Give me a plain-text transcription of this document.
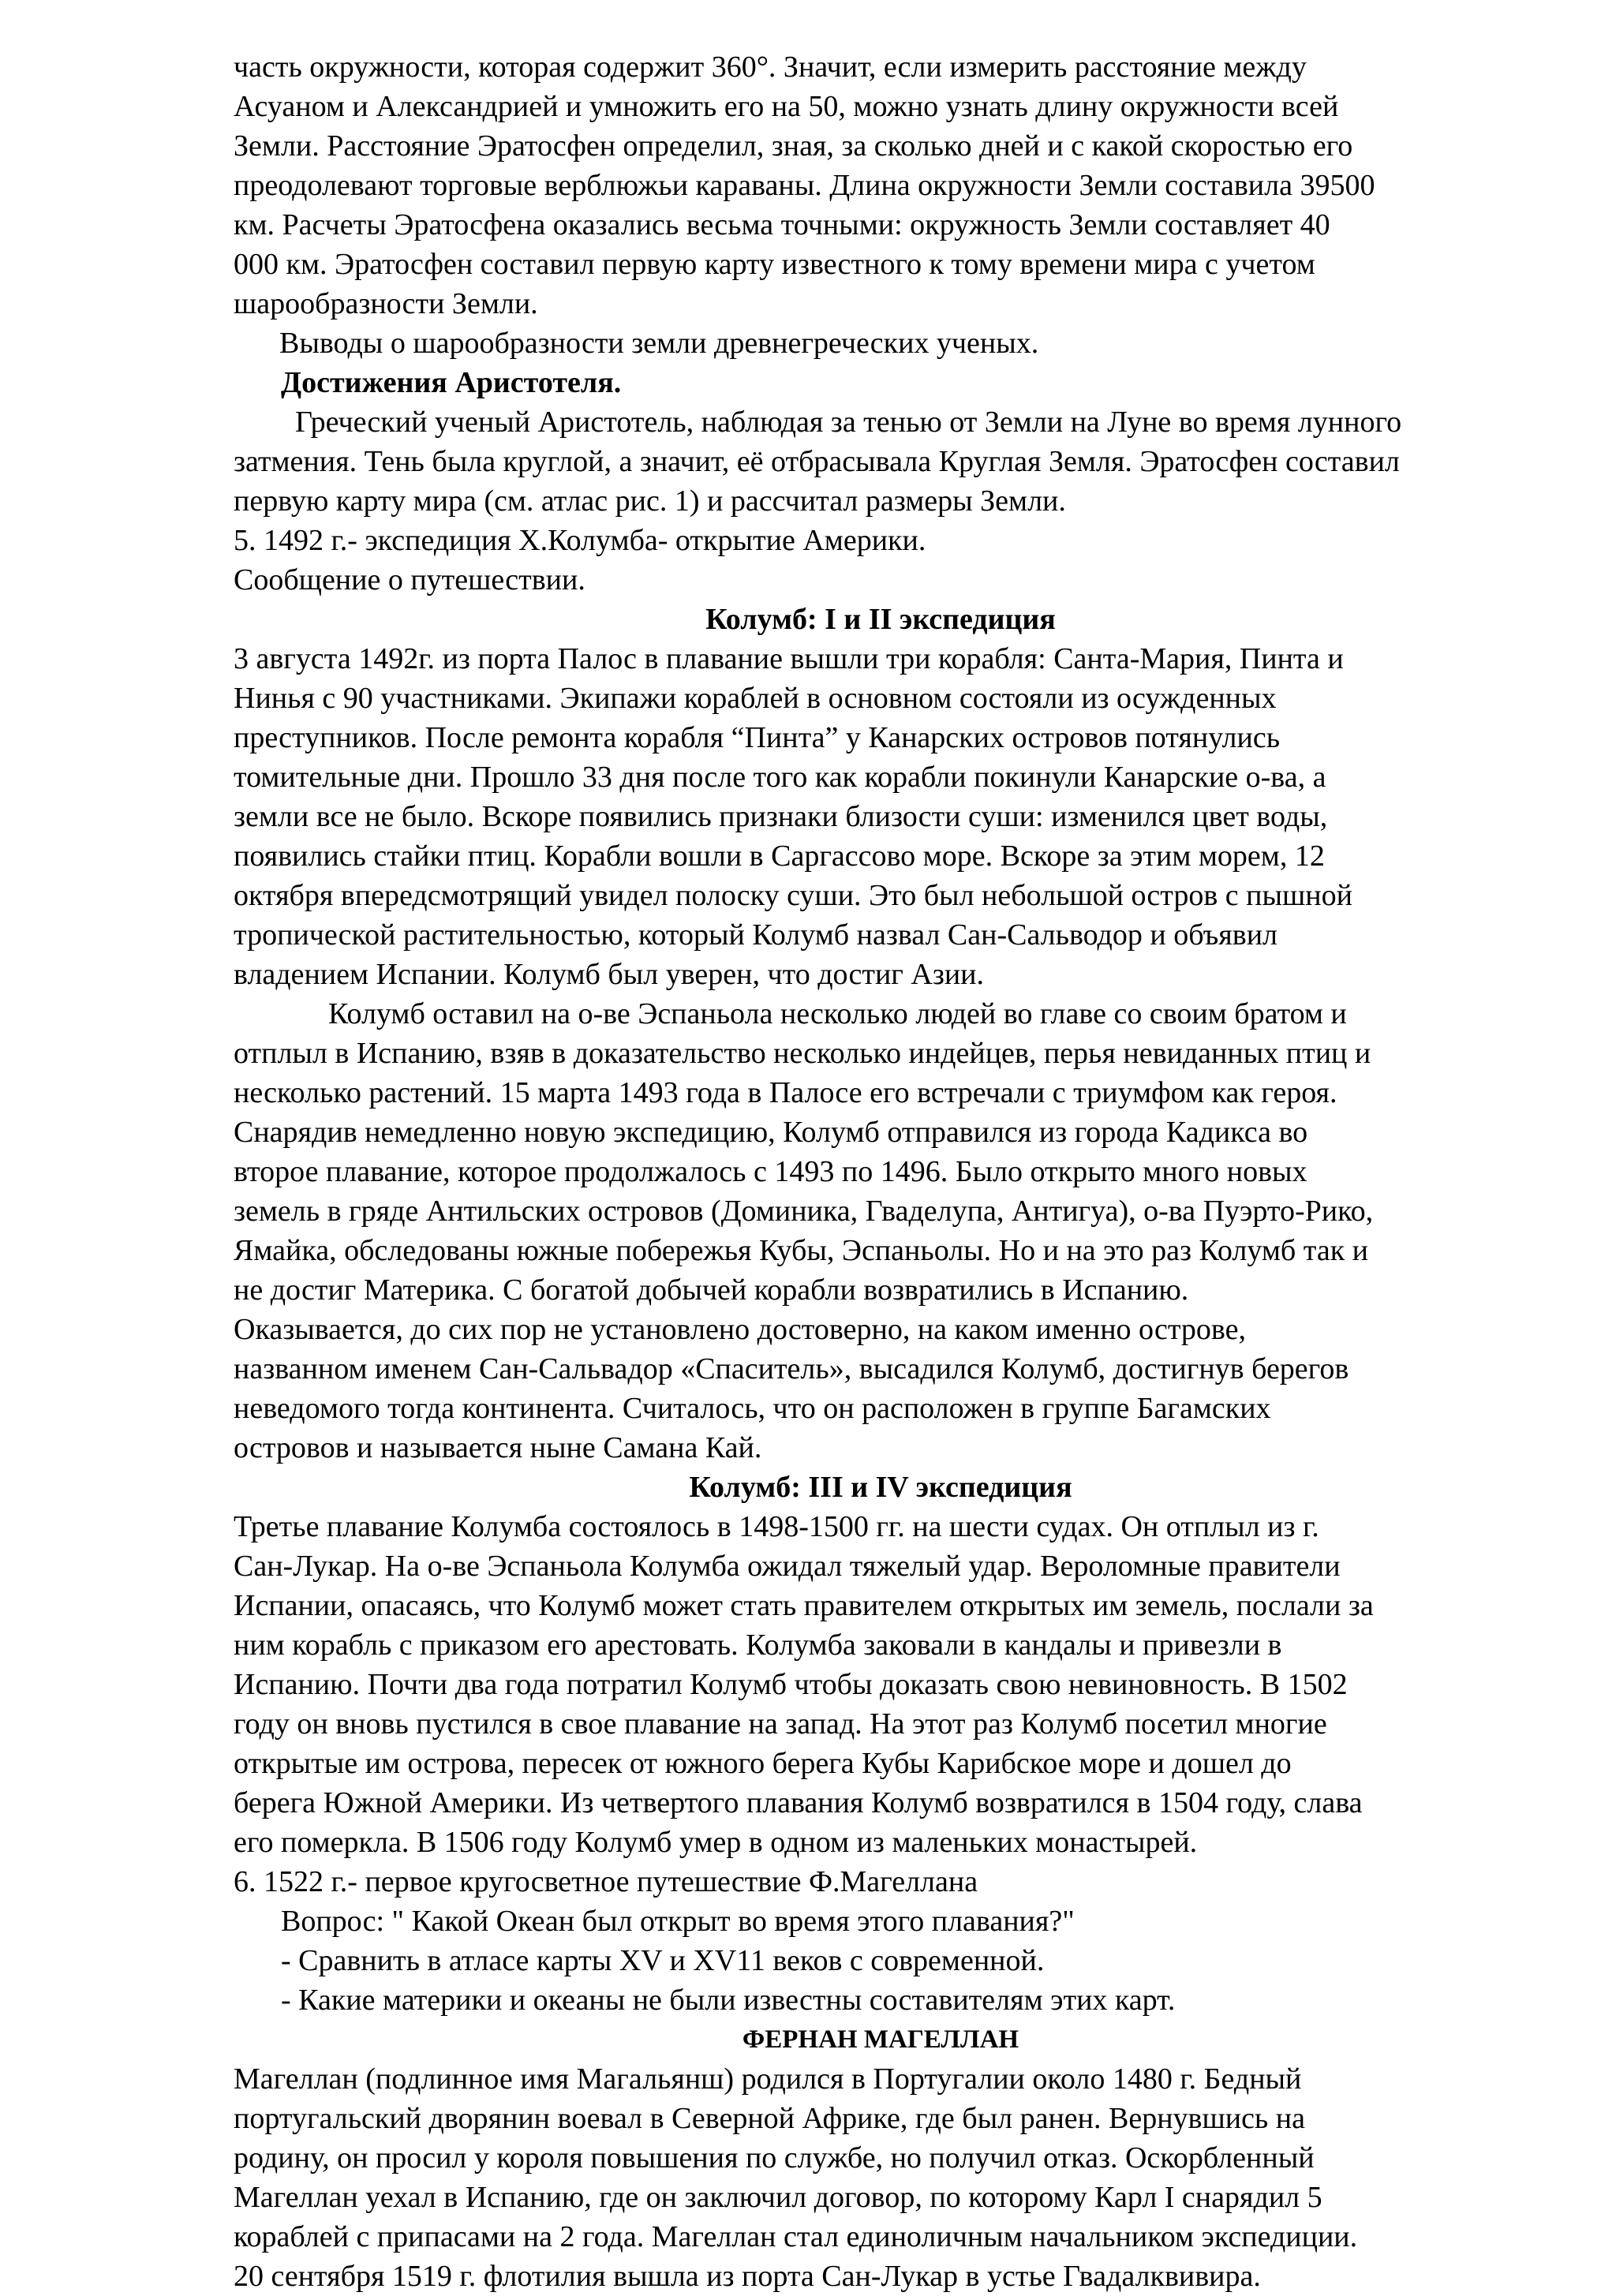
часть окружности, которая содержит 360°. Значит, если измерить расстояние между
Асуаном и Александрией и умножить его на 50, можно узнать длину окружности всей
Земли. Расстояние Эратосфен определил, зная, за сколько дней и с какой скоростью его
преодолевают торговые верблюжьи караваны. Длина окружности Земли составила 39500
км. Расчеты Эратосфена оказались весьма точными: окружность Земли составляет 40
000 км. Эратосфен составил первую карту известного к тому времени мира с учетом
шарообразности Земли.
Выводы о шарообразности земли древнегреческих ученых.
Достижения Аристотеля.
Греческий ученый Аристотель, наблюдая за тенью от Земли на Луне во время лунного
затмения. Тень была круглой, а значит, её отбрасывала Круглая Земля. Эратосфен составил
первую карту мира (см. атлас рис. 1) и рассчитал размеры Земли.
5. 1492 г.- экспедиция Х.Колумба- открытие Америки.
Сообщение о путешествии.
Колумб: I и II экспедиция
3 августа 1492г. из порта Палос в плавание вышли три корабля: Санта-Мария, Пинта и
Нинья с 90 участниками. Экипажи кораблей в основном состояли из осужденных
преступников. После ремонта корабля “Пинта” у Канарских островов потянулись
томительные дни. Прошло 33 дня после того как корабли покинули Канарские о-ва, а
земли все не было. Вскоре появились признаки близости суши: изменился цвет воды,
появились стайки птиц. Корабли вошли в Саргассово море. Вскоре за этим морем, 12
октября впередсмотрящий увидел полоску суши. Это был небольшой остров с пышной
тропической растительностью, который Колумб назвал Сан-Сальводор и объявил
владением Испании. Колумб был уверен, что достиг Азии.
Колумб оставил на о-ве Эспаньола несколько людей во главе со своим братом и
отплыл в Испанию, взяв в доказательство несколько индейцев, перья невиданных птиц и
несколько растений. 15 марта 1493 года в Палосе его встречали с триумфом как героя.
Снарядив немедленно новую экспедицию, Колумб отправился из города Кадикса во
второе плавание, которое продолжалось с 1493 по 1496. Было открыто много новых
земель в гряде Антильских островов (Доминика, Гваделупа, Антигуа), о-ва Пуэрто-Рико,
Ямайка, обследованы южные побережья Кубы, Эспаньолы. Но и на это раз Колумб так и
не достиг Материка. С богатой добычей корабли возвратились в Испанию.
Оказывается, до сих пор не установлено достоверно, на каком именно острове,
названном именем Сан-Сальвадор «Спаситель», высадился Колумб, достигнув берегов
неведомого тогда континента. Считалось, что он расположен в группе Багамских
островов и называется ныне Самана Кай.
Колумб: III и IV экспедиция
Третье плавание Колумба состоялось в 1498-1500 гг. на шести судах. Он отплыл из г.
Сан-Лукар. На о-ве Эспаньола Колумба ожидал тяжелый удар. Вероломные правители
Испании, опасаясь, что Колумб может стать правителем открытых им земель, послали за
ним корабль с приказом его арестовать. Колумба заковали в кандалы и привезли в
Испанию. Почти два года потратил Колумб чтобы доказать свою невиновность. В 1502
году он вновь пустился в свое плавание на запад. На этот раз Колумб посетил многие
открытые им острова, пересек от южного берега Кубы Карибское море и дошел до
берега Южной Америки. Из четвертого плавания Колумб возвратился в 1504 году, слава
его померкла. В 1506 году Колумб умер в одном из маленьких монастырей.
6. 1522 г.- первое кругосветное путешествие Ф.Магеллана
Вопрос: " Какой Океан был открыт во время этого плавания?"
- Сравнить в атласе карты XV и XV11 веков с современной.
- Какие материки и океаны не были известны составителям этих карт.
ФЕРНАН МАГЕЛЛАН
Магеллан (подлинное имя Магальянш) родился в Португалии около 1480 г. Бедный
португальский дворянин воевал в Северной Африке, где был ранен. Вернувшись на
родину, он просил у короля повышения по службе, но получил отказ. Оскорбленный
Магеллан уехал в Испанию, где он заключил договор, по которому Карл I снарядил 5
кораблей с припасами на 2 года. Магеллан стал единоличным начальником экспедиции.
20 сентября 1519 г. флотилия вышла из порта Сан-Лукар в устье Гвадалквивира.
